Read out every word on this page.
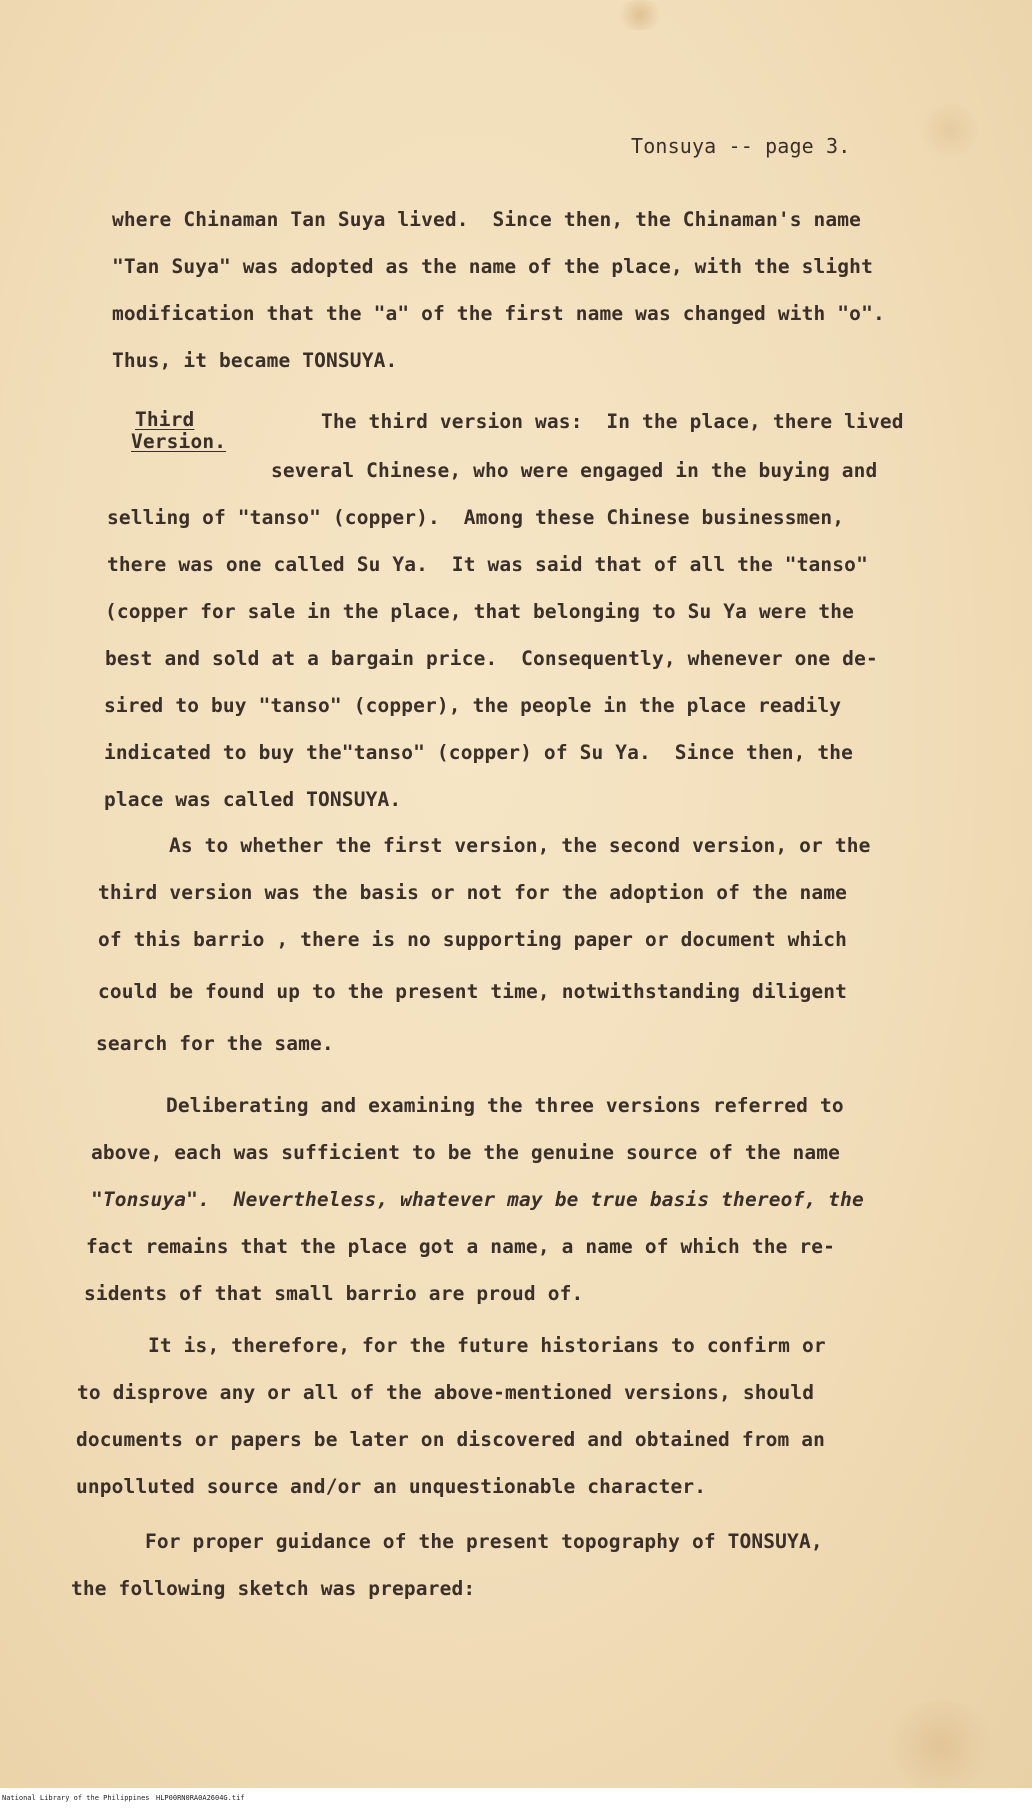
Tonsuya -- page 3.
where Chinaman Tan Suya lived.  Since then, the Chinaman's name
"Tan Suya" was adopted as the name of the place, with the slight
modification that the "a" of the first name was changed with "o".
Thus, it became TONSUYA.
Third
Version.
The third version was:  In the place, there lived
several Chinese, who were engaged in the buying and
selling of "tanso" (copper).  Among these Chinese businessmen,
there was one called Su Ya.  It was said that of all the "tanso"
(copper for sale in the place, that belonging to Su Ya were the
best and sold at a bargain price.  Consequently, whenever one de-
sired to buy "tanso" (copper), the people in the place readily
indicated to buy the"tanso" (copper) of Su Ya.  Since then, the
place was called TONSUYA.
As to whether the first version, the second version, or the
third version was the basis or not for the adoption of the name
of this barrio , there is no supporting paper or document which
could be found up to the present time, notwithstanding diligent
search for the same.
Deliberating and examining the three versions referred to
above, each was sufficient to be the genuine source of the name
"Tonsuya".  Nevertheless, whatever may be true basis thereof, the
fact remains that the place got a name, a name of which the re-
sidents of that small barrio are proud of.
It is, therefore, for the future historians to confirm or
to disprove any or all of the above-mentioned versions, should
documents or papers be later on discovered and obtained from an
unpolluted source and/or an unquestionable character.
For proper guidance of the present topography of TONSUYA,
the following sketch was prepared:
National Library of the Philippines HLP00RN0RA0A2604G.tif
